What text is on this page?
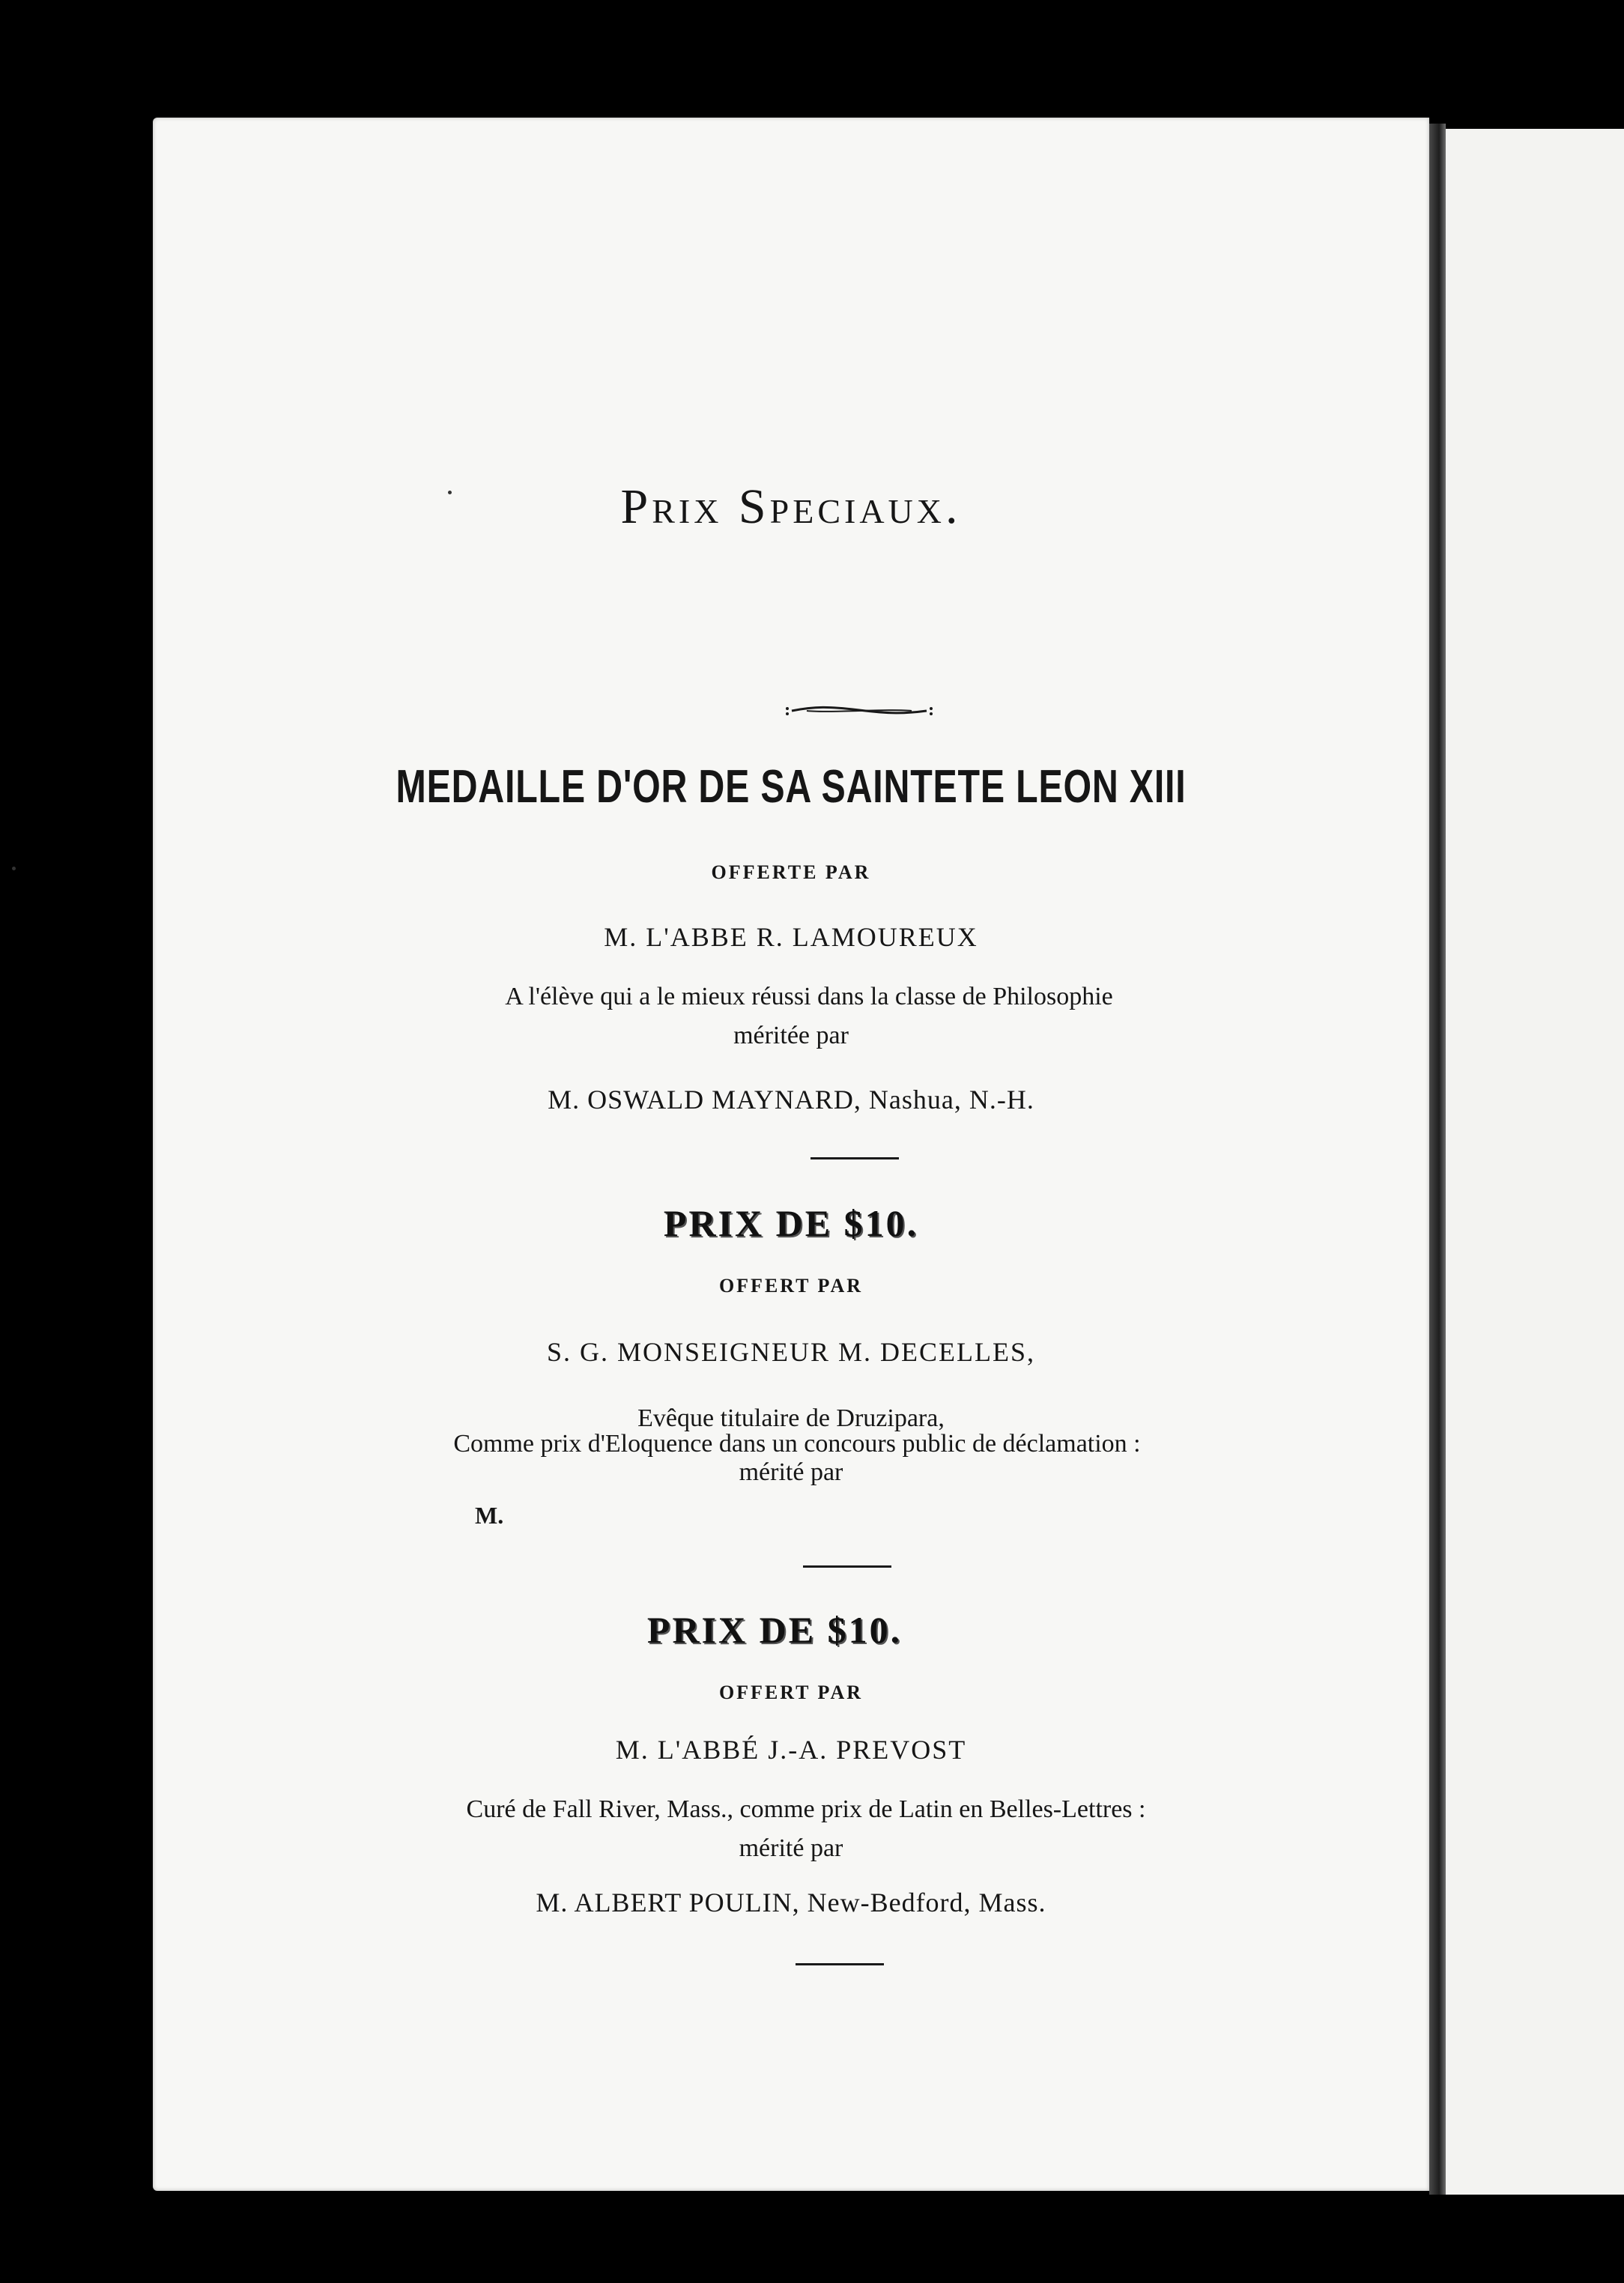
Prix Speciaux.
MEDAILLE D'OR DE SA SAINTETE LEON XIII
OFFERTE PAR
M. L'ABBE R. LAMOUREUX
A l'élève qui a le mieux réussi dans la classe de Philosophie
méritée par
M. OSWALD MAYNARD, Nashua, N.-H.
PRIX DE $10.
OFFERT PAR
S. G. MONSEIGNEUR M. DECELLES,
Evêque titulaire de Druzipara,
Comme prix d'Eloquence dans un concours public de déclamation :
mérité par
M.
PRIX DE $10.
OFFERT PAR
M. L'ABBÉ J.-A. PREVOST
Curé de Fall River, Mass., comme prix de Latin en Belles-Lettres :
mérité par
M. ALBERT POULIN, New-Bedford, Mass.
